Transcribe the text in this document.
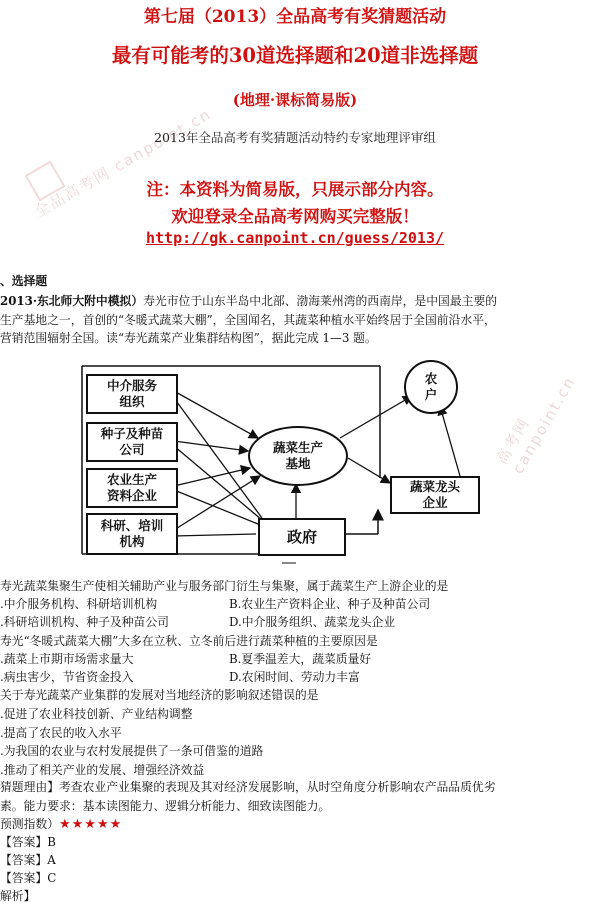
全品高考网 canpoint.cn
高考网 canpoint.cn
第七届（2013）全品高考有奖猜题活动
最有可能考的30道选择题和20道非选择题
(地理·课标简易版)
2013年全品高考有奖猜题活动特约专家地理评审组
注：本资料为简易版，只展示部分内容。
欢迎登录全品高考网购买完整版！
http://gk.canpoint.cn/guess/2013/
、选择题
2013·东北师大附中模拟）寿光市位于山东半岛中北部、渤海莱州湾的西南岸，是中国最主要的
生产基地之一，首创的“冬暖式蔬菜大棚”，全国闻名，其蔬菜种植水平始终居于全国前沿水平，
营销范围辐射全国。读“寿光蔬菜产业集群结构图”，据此完成 1—3 题。
中介服务
组织
种子及种苗
公司
农业生产
资料企业
科研、培训
机构
蔬菜生产
基地
农
户
蔬菜龙头
企业
政府
寿光蔬菜集聚生产使相关辅助产业与服务部门衍生与集聚，属于蔬菜生产上游企业的是
.中介服务机构、科研培训机构	B.农业生产资料企业、种子及种苗公司
.科研培训机构、种子及种苗公司	D.中介服务组织、蔬菜龙头企业
寿光“冬暖式蔬菜大棚”大多在立秋、立冬前后进行蔬菜种植的主要原因是
.蔬菜上市期市场需求量大	B.夏季温差大，蔬菜质量好
.病虫害少，节省资金投入	D.农闲时间、劳动力丰富
关于寿光蔬菜产业集群的发展对当地经济的影响叙述错误的是
.促进了农业科技创新、产业结构调整
.提高了农民的收入水平
.为我国的农业与农村发展提供了一条可借鉴的道路
.推动了相关产业的发展、增强经济效益
猜题理由】考查农业产业集聚的表现及其对经济发展影响，从时空角度分析影响农产品品质优劣
素。能力要求：基本读图能力、逻辑分析能力、细致读图能力。
预测指数）★★★★★
【答案】B
【答案】A
【答案】C
解析】
